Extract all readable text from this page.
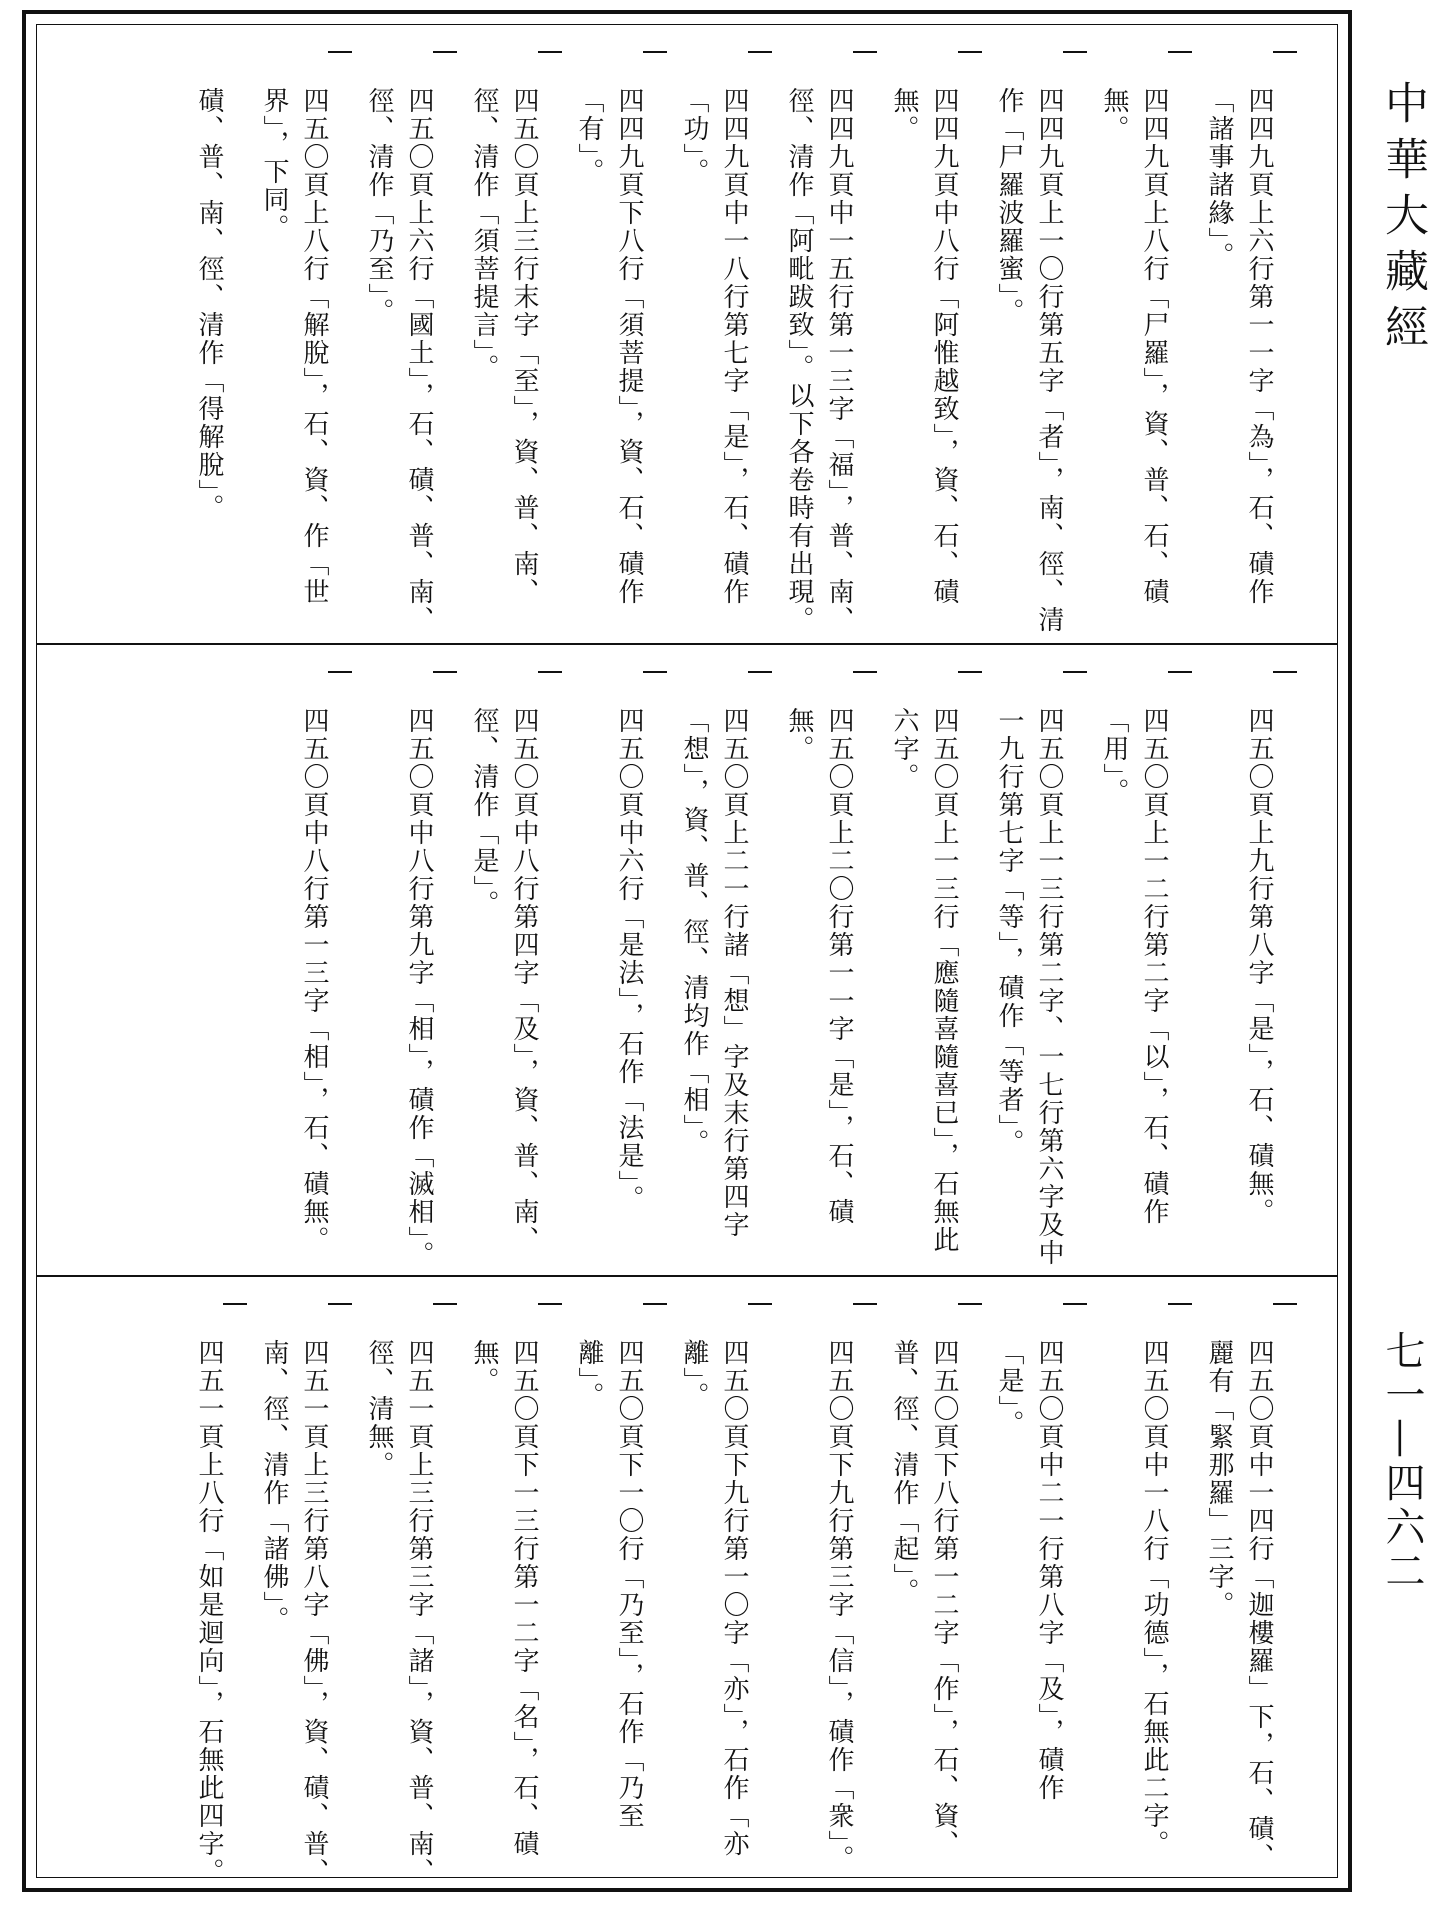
四四九頁上六行第一一字「為」，石、磧作「諸事諸緣」。
四四九頁上八行「尸羅」，資、普、石、磧無。
四四九頁上一〇行第五字「者」，南、徑、清作「尸羅波羅蜜」。
四四九頁中八行「阿惟越致」，資、石、磧無。
四四九頁中一五行第一三字「福」，普、南、徑、清作「阿毗跋致」。以下各卷時有出現。
四四九頁中一八行第七字「是」，石、磧作「功」。
四四九頁下八行「須菩提」，資、石、磧作「有」。
四五〇頁上三行末字「至」，資、普、南、徑、清作「須菩提言」。
四五〇頁上六行「國土」，石、磧、普、南、徑、清作「乃至」。
四五〇頁上八行「解脫」，石、資、作「世界」，下同。
磧、普、南、徑、清作「得解脫」。
四五〇頁上九行第八字「是」，石、磧無。
四五〇頁上一二行第二字「以」，石、磧作「用」。
四五〇頁上一三行第二字、一七行第六字及中一九行第七字「等」，磧作「等者」。
四五〇頁上一三行「應隨喜隨喜已」，石無此六字。
四五〇頁上二〇行第一一字「是」，石、磧無。
四五〇頁上二一行諸「想」字及末行第四字「想」，資、普、徑、清均作「相」。
四五〇頁中六行「是法」，石作「法是」。
四五〇頁中八行第四字「及」，資、普、南、徑、清作「是」。
四五〇頁中八行第九字「相」，磧作「滅相」。
四五〇頁中八行第一三字「相」，石、磧無。
四五〇頁中一四行「迦樓羅」下，石、磧、麗有「緊那羅」三字。
四五〇頁中一八行「功德」，石無此二字。
四五〇頁中二一行第八字「及」，磧作「是」。
四五〇頁下八行第一二字「作」，石、資、普、徑、清作「起」。
四五〇頁下九行第三字「信」，磧作「衆」。
四五〇頁下九行第一〇字「亦」，石作「亦離」。
四五〇頁下一〇行「乃至」，石作「乃至離」。
四五〇頁下一三行第一二字「名」，石、磧無。
四五一頁上三行第三字「諸」，資、普、南、徑、清無。
四五一頁上三行第八字「佛」，資、磧、普、南、徑、清作「諸佛」。
四五一頁上八行「如是迴向」，石無此四字。
中華大藏經
七一—四六二
